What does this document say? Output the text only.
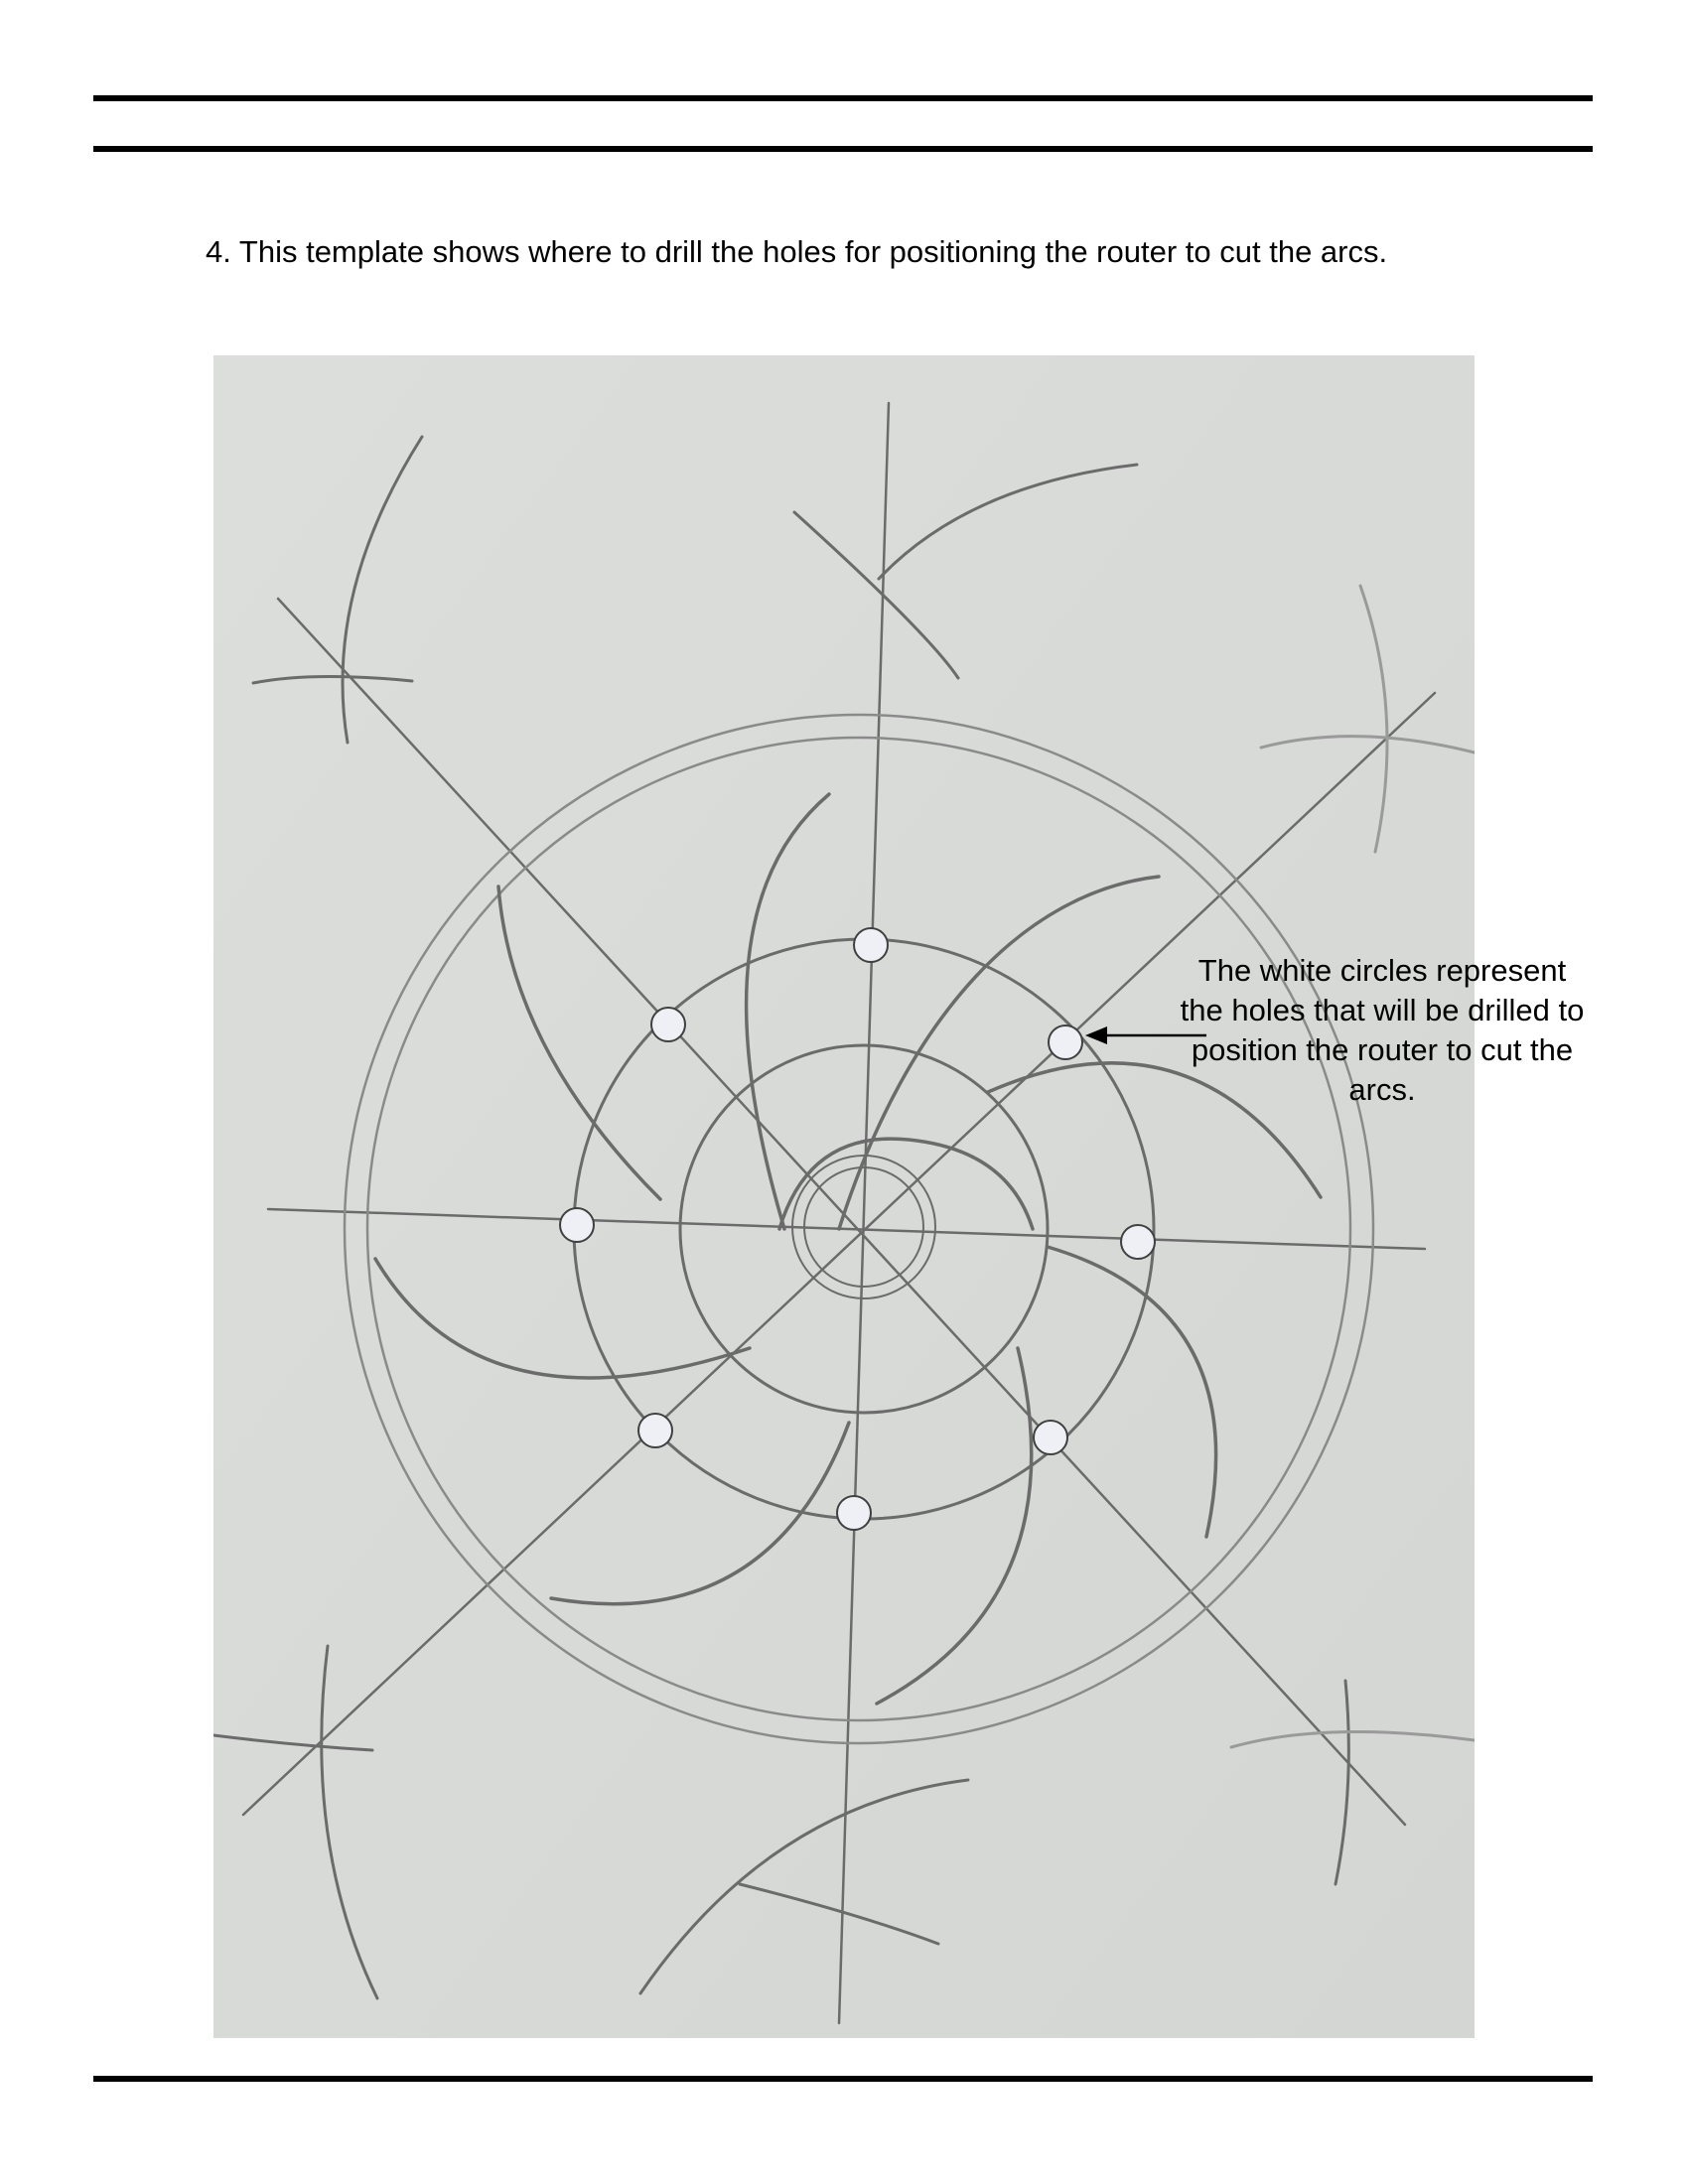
4. This template shows where to drill the holes for positioning the router to cut the arcs.

The white circles represent the holes that will be drilled to position the router to cut the arcs.
